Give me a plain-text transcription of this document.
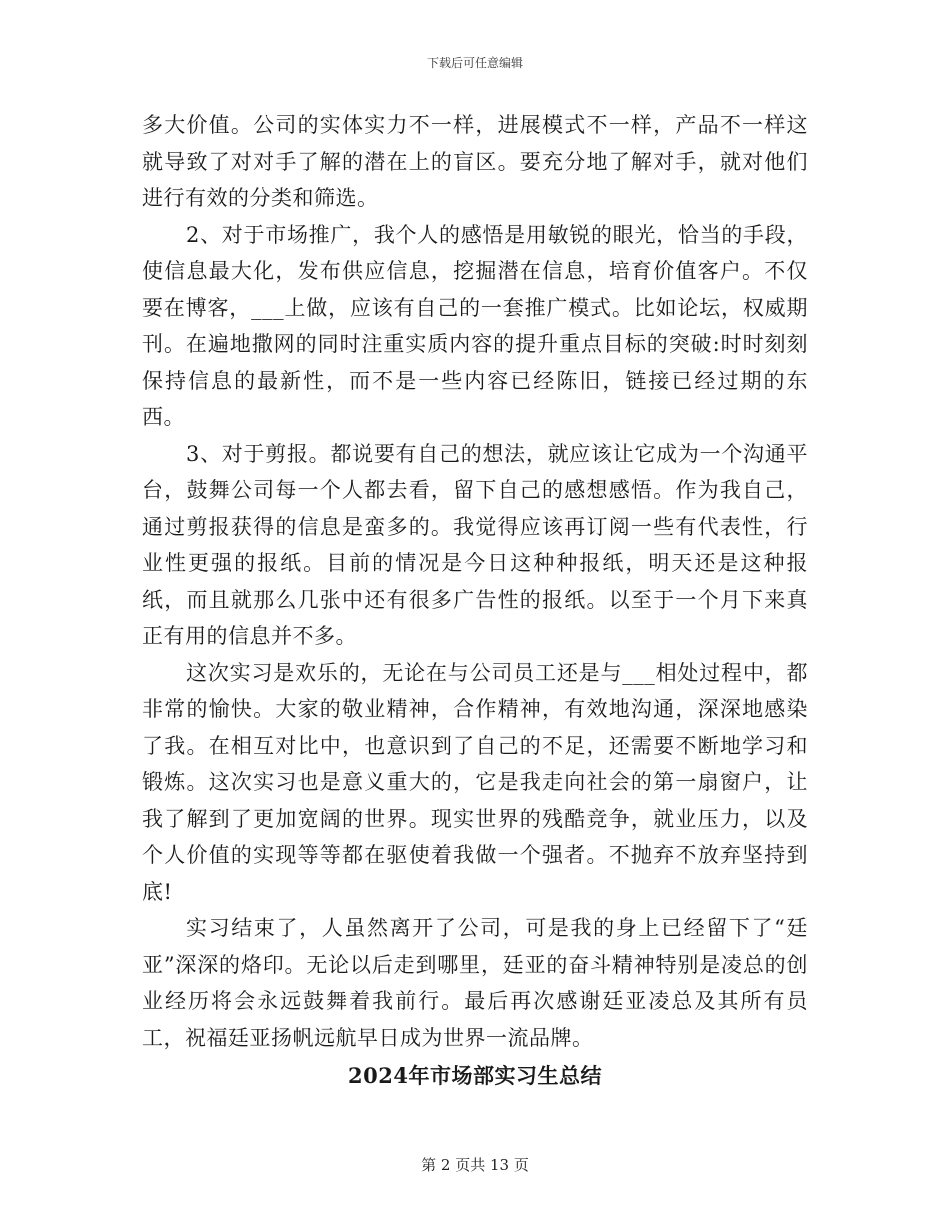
下载后可任意编辑

多大价值。公司的实体实力不一样，进展模式不一样，产品不一样这就导致了对对手了解的潜在上的盲区。要充分地了解对手，就对他们进行有效的分类和筛选。

2、对于市场推广，我个人的感悟是用敏锐的眼光，恰当的手段，使信息最大化，发布供应信息，挖掘潜在信息，培育价值客户。不仅要在博客，___上做，应该有自己的一套推广模式。比如论坛，权威期刊。在遍地撒网的同时注重实质内容的提升重点目标的突破:时时刻刻保持信息的最新性，而不是一些内容已经陈旧，链接已经过期的东西。

3、对于剪报。都说要有自己的想法，就应该让它成为一个沟通平台，鼓舞公司每一个人都去看，留下自己的感想感悟。作为我自己，通过剪报获得的信息是蛮多的。我觉得应该再订阅一些有代表性，行业性更强的报纸。目前的情况是今日这种种报纸，明天还是这种报纸，而且就那么几张中还有很多广告性的报纸。以至于一个月下来真正有用的信息并不多。

这次实习是欢乐的，无论在与公司员工还是与___相处过程中，都非常的愉快。大家的敬业精神，合作精神，有效地沟通，深深地感染了我。在相互对比中，也意识到了自己的不足，还需要不断地学习和锻炼。这次实习也是意义重大的，它是我走向社会的第一扇窗户，让我了解到了更加宽阔的世界。现实世界的残酷竞争，就业压力，以及个人价值的实现等等都在驱使着我做一个强者。不抛弃不放弃坚持到底!

实习结束了，人虽然离开了公司，可是我的身上已经留下了“廷亚”深深的烙印。无论以后走到哪里，廷亚的奋斗精神特别是凌总的创业经历将会永远鼓舞着我前行。最后再次感谢廷亚凌总及其所有员工，祝福廷亚扬帆远航早日成为世界一流品牌。

2024年市场部实习生总结
第 2 页共 13 页
